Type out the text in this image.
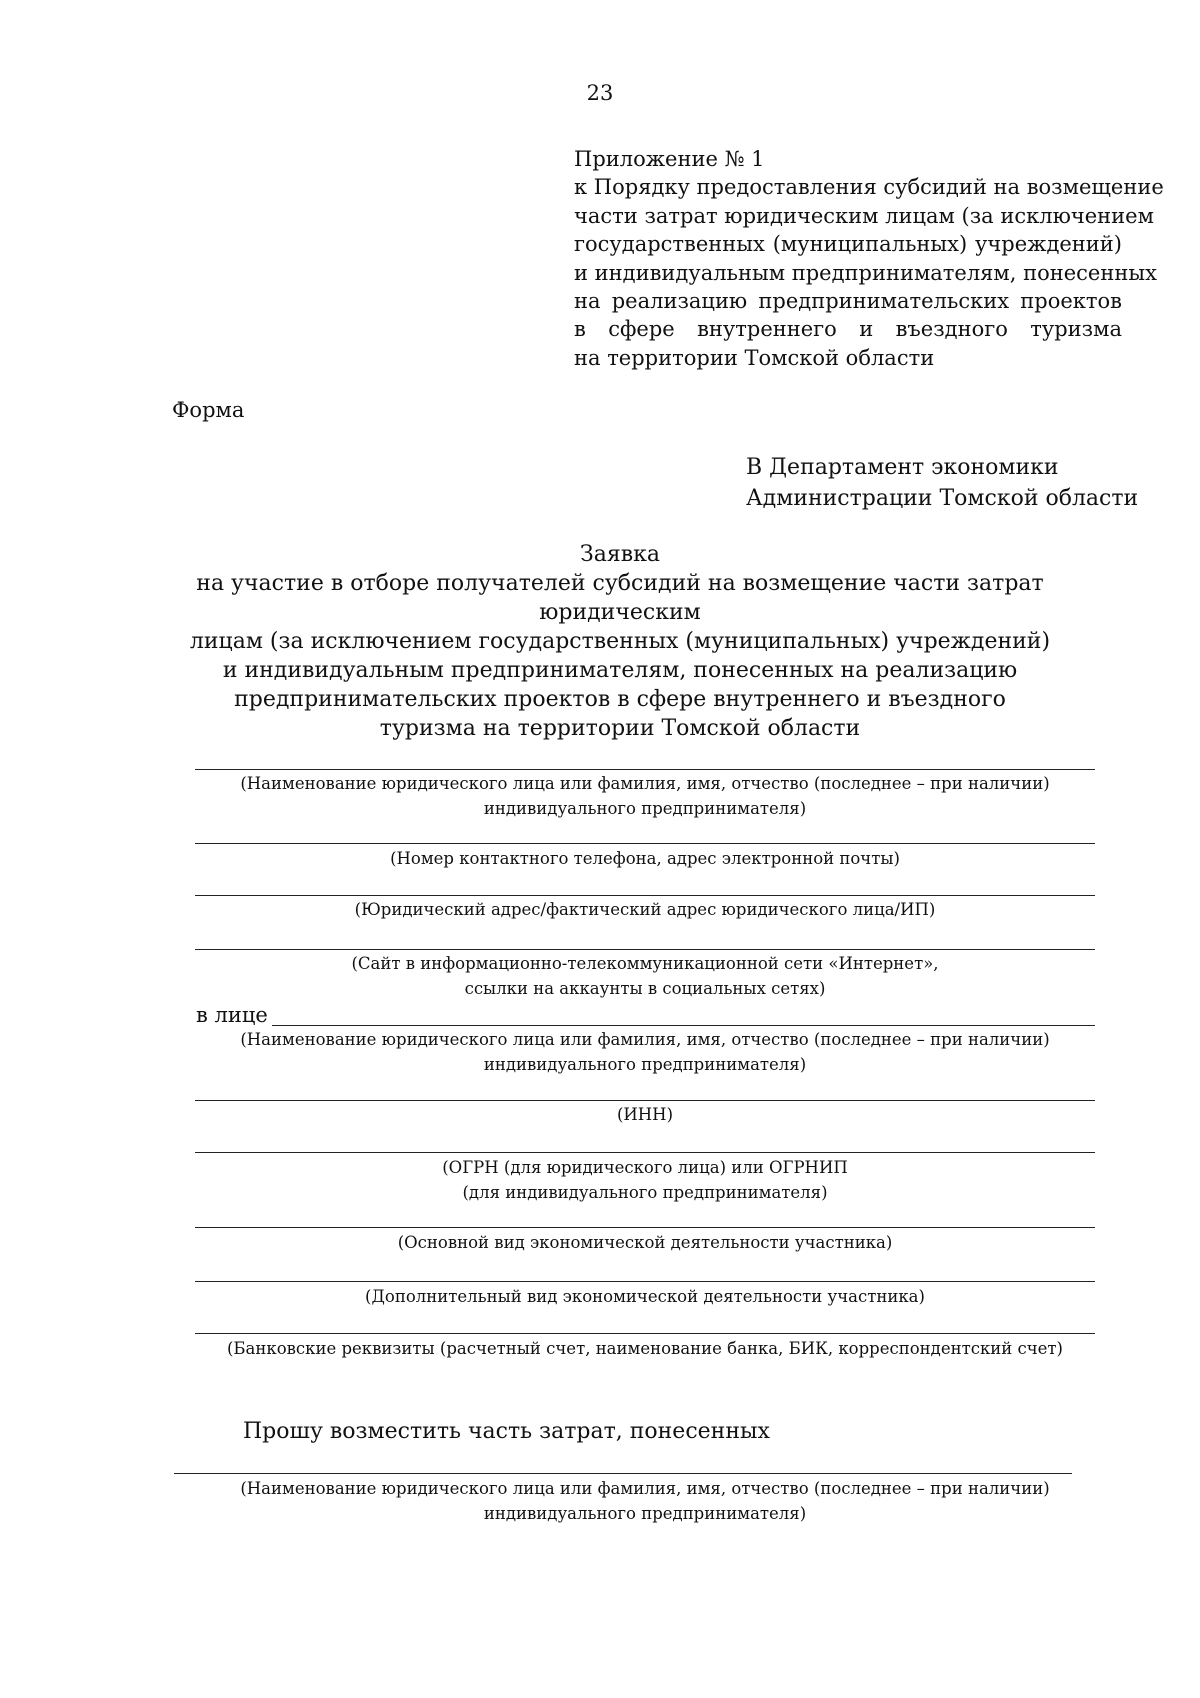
23
Приложение № 1
к Порядку предоставления субсидий на возмещение
части затрат юридическим лицам (за исключением
государственных (муниципальных) учреждений)
и индивидуальным предпринимателям, понесенных
на реализацию предпринимательских проектов
в сфере внутреннего и въездного туризма
на территории Томской области
Форма
В Департамент экономики
Администрации Томской области
Заявка
на участие в отборе получателей субсидий на возмещение части затрат юридическим
лицам (за исключением государственных (муниципальных) учреждений)
и индивидуальным предпринимателям, понесенных на реализацию
предпринимательских проектов в сфере внутреннего и въездного
туризма на территории Томской области
(Наименование юридического лица или фамилия, имя, отчество (последнее – при наличии)
индивидуального предпринимателя)
(Номер контактного телефона, адрес электронной почты)
(Юридический адрес/фактический адрес юридического лица/ИП)
(Сайт в информационно-телекоммуникационной сети «Интернет»,
ссылки на аккаунты в социальных сетях)
в лице
(Наименование юридического лица или фамилия, имя, отчество (последнее – при наличии)
индивидуального предпринимателя)
(ИНН)
(ОГРН (для юридического лица) или ОГРНИП
(для индивидуального предпринимателя)
(Основной вид экономической деятельности участника)
(Дополнительный вид экономической деятельности участника)
(Банковские реквизиты (расчетный счет, наименование банка, БИК, корреспондентский счет)
Прошу возместить часть затрат, понесенных
(Наименование юридического лица или фамилия, имя, отчество (последнее – при наличии)
индивидуального предпринимателя)
